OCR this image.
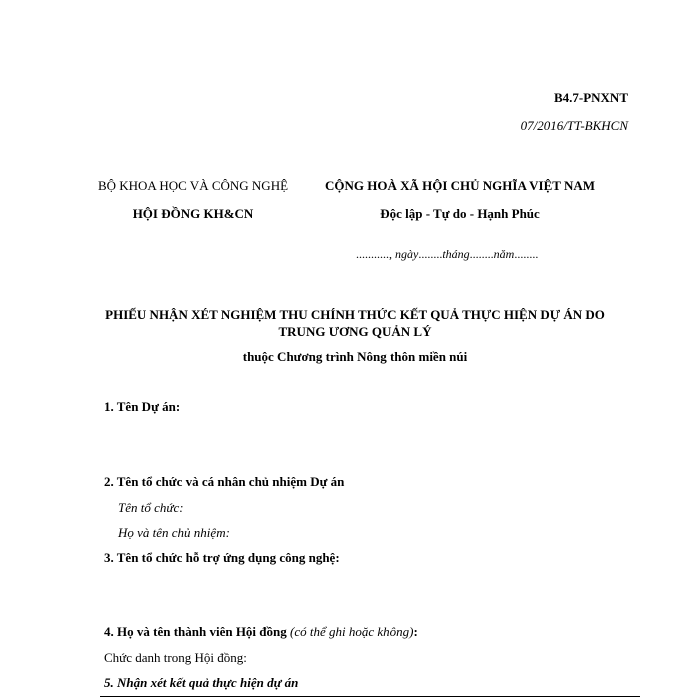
B4.7-PNXNT
07/2016/TT-BKHCN
BỘ KHOA HỌC VÀ CÔNG NGHỆ
HỘI ĐỒNG KH&CN
CỘNG HOÀ XÃ HỘI CHỦ NGHĨA VIỆT NAM
Độc lập - Tự do - Hạnh Phúc
..........., ngày........tháng........năm........
PHIẾU NHẬN XÉT NGHIỆM THU CHÍNH THỨC KẾT QUẢ THỰC HIỆN DỰ ÁN DO
TRUNG ƯƠNG QUẢN LÝ
thuộc Chương trình Nông thôn miền núi
1. Tên Dự án:
2. Tên tổ chức và cá nhân chủ nhiệm Dự án
Tên tổ chức:
Họ và tên chủ nhiệm:
3. Tên tổ chức hỗ trợ ứng dụng công nghệ:
4. Họ và tên thành viên Hội đồng (có thể ghi hoặc không):
Chức danh trong Hội đồng:
5. Nhận xét kết quả thực hiện dự án
